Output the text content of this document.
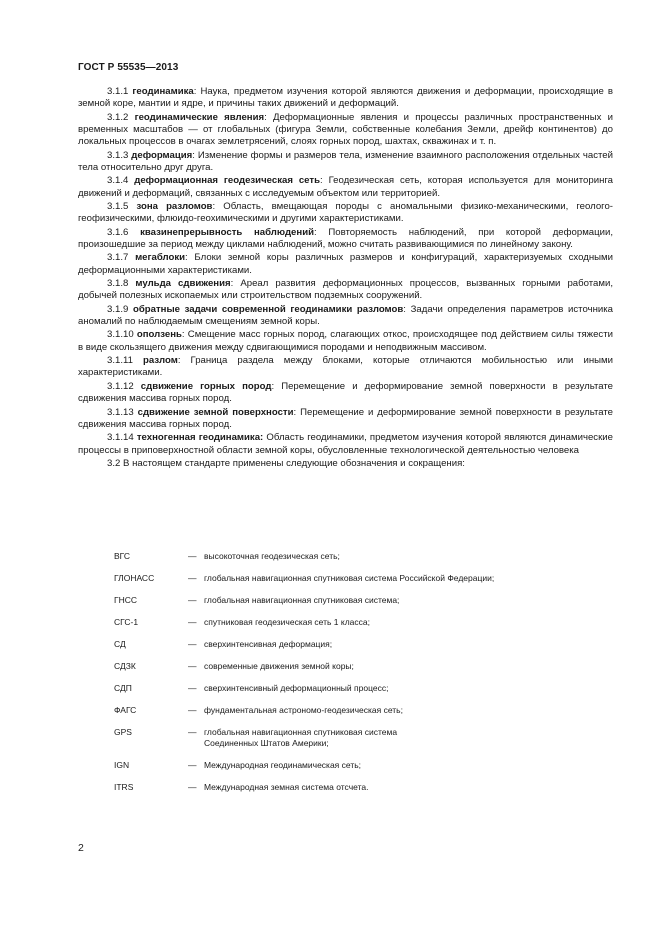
ГОСТ Р 55535—2013

3.1.1 геодинамика: Наука, предметом изучения которой являются движения и деформации, происходящие в земной коре, мантии и ядре, и причины таких движений и деформаций.

3.1.2 геодинамические явления: Деформационные явления и процессы различных пространственных и временных масштабов — от глобальных (фигура Земли, собственные колебания Земли, дрейф континентов) до локальных процессов в очагах землетрясений, слоях горных пород, шахтах, скважинах и т. п.

3.1.3 деформация: Изменение формы и размеров тела, изменение взаимного расположения отдельных частей тела относительно друг друга.

3.1.4 деформационная геодезическая сеть: Геодезическая сеть, которая используется для мониторинга движений и деформаций, связанных с исследуемым объектом или территорией.

3.1.5 зона разломов: Область, вмещающая породы с аномальными физико-механическими, геолого-геофизическими, флюидо-геохимическими и другими характеристиками.

3.1.6 квазинепрерывность наблюдений: Повторяемость наблюдений, при которой деформации, произошедшие за период между циклами наблюдений, можно считать развивающимися по линейному закону.

3.1.7 мегаблоки: Блоки земной коры различных размеров и конфигураций, характеризуемых сходными деформационными характеристиками.

3.1.8 мульда сдвижения: Ареал развития деформационных процессов, вызванных горными работами, добычей полезных ископаемых или строительством подземных сооружений.

3.1.9 обратные задачи современной геодинамики разломов: Задачи определения параметров источника аномалий по наблюдаемым смещениям земной коры.

3.1.10 оползень: Смещение масс горных пород, слагающих откос, происходящее под действием силы тяжести в виде скользящего движения между сдвигающимися породами и неподвижным массивом.

3.1.11 разлом: Граница раздела между блоками, которые отличаются мобильностью или иными характеристиками.

3.1.12 сдвижение горных пород: Перемещение и деформирование земной поверхности в результате сдвижения массива горных пород.

3.1.13 сдвижение земной поверхности: Перемещение и деформирование земной поверхности в результате сдвижения массива горных пород.

3.1.14 техногенная геодинамика: Область геодинамики, предметом изучения которой являются динамические процессы в приповерхностной области земной коры, обусловленные технологической деятельностью человека

3.2 В настоящем стандарте применены следующие обозначения и сокращения:

ВГС	— высокоточная геодезическая сеть;
ГЛОНАСС	— глобальная навигационная спутниковая система Российской Федерации;
ГНСС	— глобальная навигационная спутниковая система;
СГС-1	— спутниковая геодезическая сеть 1 класса;
СД	— сверхинтенсивная деформация;
СДЗК	— современные движения земной коры;
СДП	— сверхинтенсивный деформационный процесс;
ФАГС	— фундаментальная астрономо-геодезическая сеть;
GPS	— глобальная навигационная спутниковая система Соединенных Штатов Америки;
IGN	— Международная геодинамическая сеть;
ITRS	— Международная земная система отсчета.
2
